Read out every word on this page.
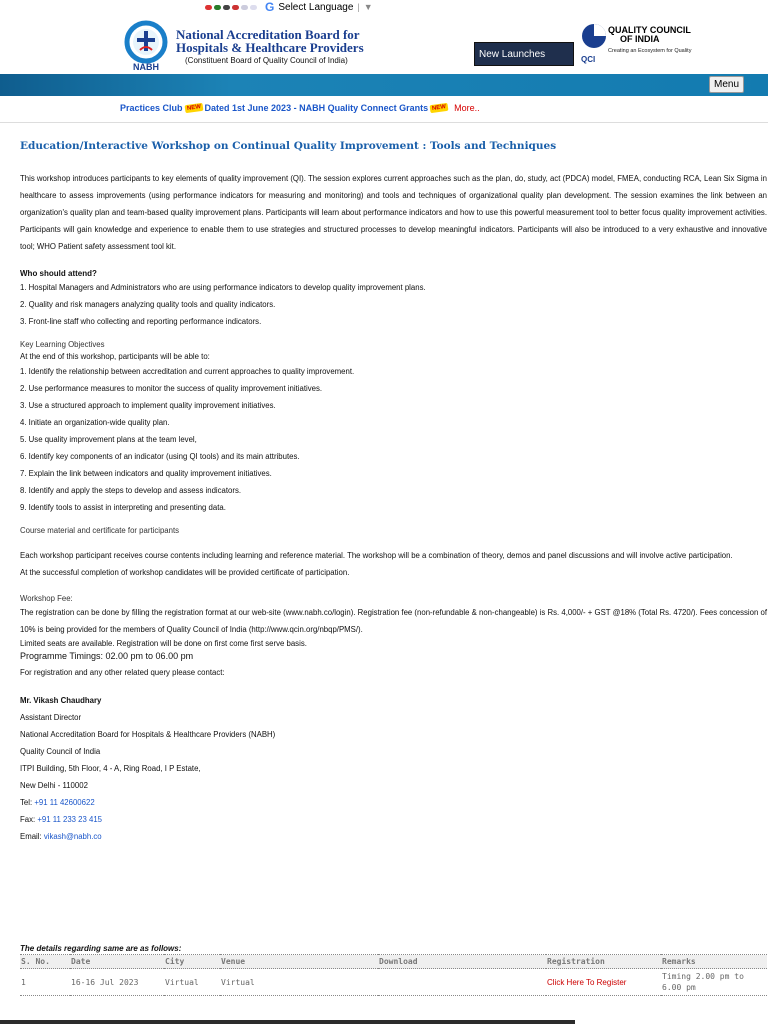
G Select Language | ▼
NABH
National Accreditation Board for
Hospitals & Healthcare Providers
(Constituent Board of Quality Council of India)
New Launches	QCI
QUALITY COUNCIL
OF INDIA
Creating an Ecosystem for Quality
Menu
Practices Club NEW Dated 1st June 2023 - NABH Quality Connect Grants NEW More..
Education/Interactive Workshop on Continual Quality Improvement : Tools and Techniques

This workshop introduces participants to key elements of quality improvement (QI). The session explores current approaches such as the plan, do, study, act (PDCA) model, FMEA, conducting RCA, Lean Six Sigma in healthcare to assess improvements (using performance indicators for measuring and monitoring) and tools and techniques of organizational quality plan development. The session examines the link between an organization's quality plan and team-based quality improvement plans. Participants will learn about performance indicators and how to use this powerful measurement tool to better focus quality improvement activities. Participants will gain knowledge and experience to enable them to use strategies and structured processes to develop meaningful indicators. Participants will also be introduced to a very exhaustive and innovative tool; WHO Patient safety assessment tool kit.

Who should attend?
1. Hospital Managers and Administrators who are using performance indicators to develop quality improvement plans.
2. Quality and risk managers analyzing quality tools and quality indicators.
3. Front-line staff who collecting and reporting performance indicators.
Key Learning Objectives
At the end of this workshop, participants will be able to:
1. Identify the relationship between accreditation and current approaches to quality improvement.
2. Use performance measures to monitor the success of quality improvement initiatives.
3. Use a structured approach to implement quality improvement initiatives.
4. Initiate an organization-wide quality plan.
5. Use quality improvement plans at the team level,
6. Identify key components of an indicator (using QI tools) and its main attributes.
7. Explain the link between indicators and quality improvement initiatives.
8. Identify and apply the steps to develop and assess indicators.
9. Identify tools to assist in interpreting and presenting data.
Course material and certificate for participants

Each workshop participant receives course contents including learning and reference material. The workshop will be a combination of theory, demos and panel discussions and will involve active participation.

At the successful completion of workshop candidates will be provided certificate of participation.

Workshop Fee:

The registration can be done by filling the registration format at our web-site (www.nabh.co/login). Registration fee (non-refundable & non-changeable) is Rs. 4,000/- + GST @18% (Total Rs. 4720/). Fees concession of 10% is being provided for the members of Quality Council of India (http://www.qcin.org/nbqp/PMS/).

Limited seats are available. Registration will be done on first come first serve basis.
Programme Timings: 02.00 pm to 06.00 pm
For registration and any other related query please contact:
Mr. Vikash Chaudhary
Assistant Director
National Accreditation Board for Hospitals & Healthcare Providers (NABH)
Quality Council of India
ITPI Building, 5th Floor, 4 - A, Ring Road, I P Estate,
New Delhi - 110002
Tel: +91 11 42600622
Fax: +91 11 233 23 415
Email: vikash@nabh.co
The details regarding same are as follows:
S. No.	Date	City	Venue	Download	Registration	Remarks
1	16-16 Jul 2023	Virtual	Virtual		Click Here To Register	Timing 2.00 pm to 6.00 pm
